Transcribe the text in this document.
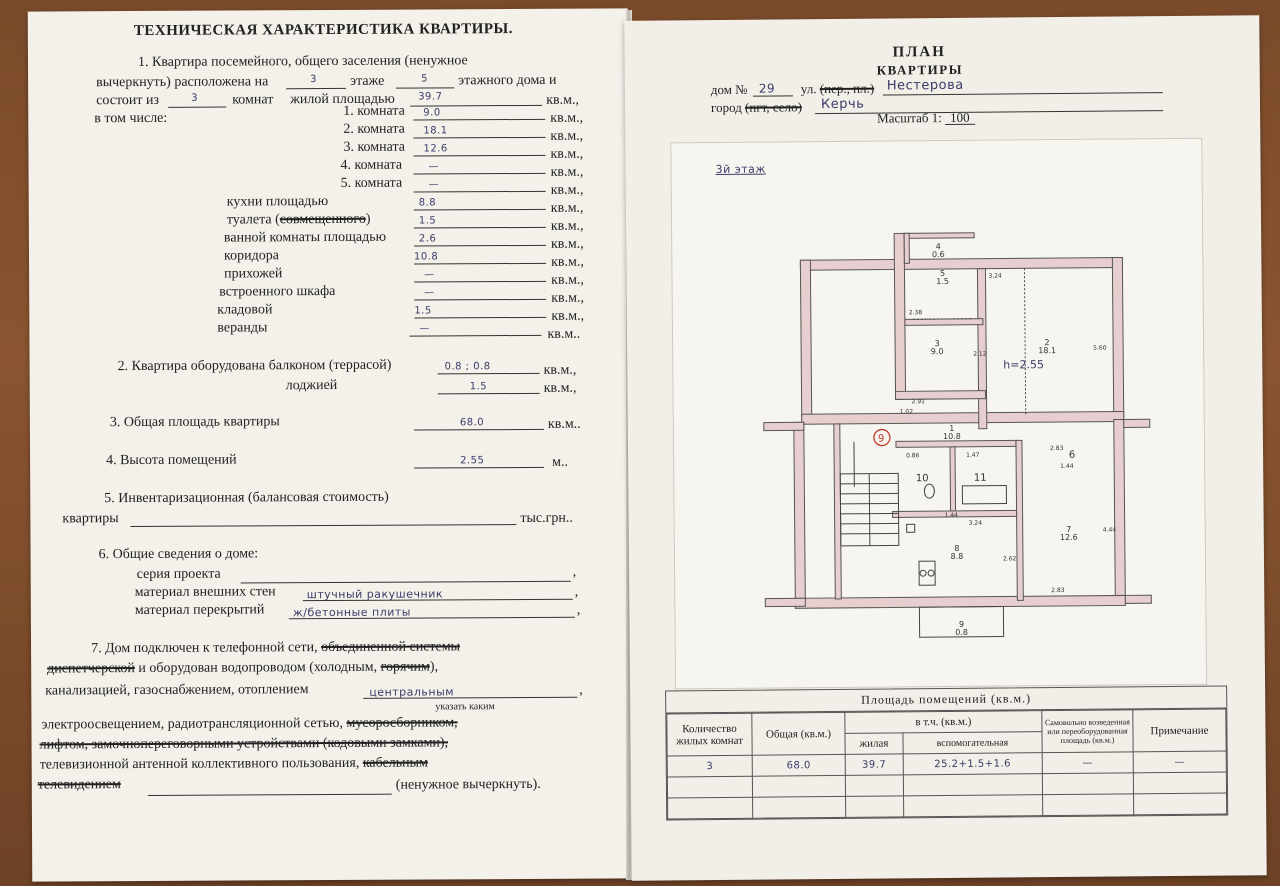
ТЕХНИЧЕСКАЯ ХАРАКТЕРИСТИКА КВАРТИРЫ.
1. Квартира посемейного, общего заселения (ненужное
вычеркнуть) расположена на	3 этаже	5 этажного дома и
состоит из	3 комнат жилой площадью 39.7	кв.м.,
в том числе:	1. комната 9.0	кв.м.,
2. комната 18.1	кв.м.,
3. комната 12.6	кв.м.,
4. комната	—	кв.м.,
5. комната	—	кв.м.,
кухни площадью	8.8	кв.м.,
туалета (совмещенного)	1.5	кв.м.,
ванной комнаты площадью	2.6	кв.м.,
коридора	10.8	кв.м.,
прихожей	—	кв.м.,
встроенного шкафа	—	кв.м.,
кладовой	1.5	кв.м.,
веранды	—	кв.м..
2. Квартира оборудована балконом (террасой)	0.8 ; 0.8	кв.м.,
лоджией	1.5	кв.м.,
3. Общая площадь квартиры	68.0	кв.м..
4. Высота помещений	2.55	м..
5. Инвентаризационная (балансовая стоимость)
квартиры	тыс.грн..
6. Общие сведения о доме:
серия проекта	,
материал внешних стен	штучный ракушечник	,
материал перекрытий	ж/бетонные плиты	,
7. Дом подключен к телефонной сети, объединенной системы
диспетчерской и оборудован водопроводом (холодным, горячим),
канализацией, газоснабжением, отоплением	центральным	,
указать каким
электроосвещением, радиотрансляционной сетью, мусоросборником,
лифтом, замочнопереговорными устройствами (кодовыми замками),
телевизионной антенной коллективного пользования, кабельным
телевидением	(ненужное вычеркнуть).
ПЛАН
КВАРТИРЫ
дом № 29 ул. (пер., пл.) Нестерова
город (пгт, село) Керчь
Масштаб 1: 100
3й этаж
4
0.6
5
1.5
3
9.0
2
18.1
1
10.8
6
10	11
8
8.8
7
12.6
9
0.8
3.24
2.38
2.12
5.60
2.91
1.02
2.83
1.44
0.86	1.47
3.24
2.62
4.44
2.83
1.44
9
h=2.55
Площадь помещений (кв.м.)
Количество жилых комнат	Общая (кв.м.)	в т.ч. (кв.м.)		Самовольно возведенная или переоборудованная площадь (кв.м.)	Примечание
		жилая	вспомогательная		
3	68.0	39.7	25.2+1.5+1.6	—	—
